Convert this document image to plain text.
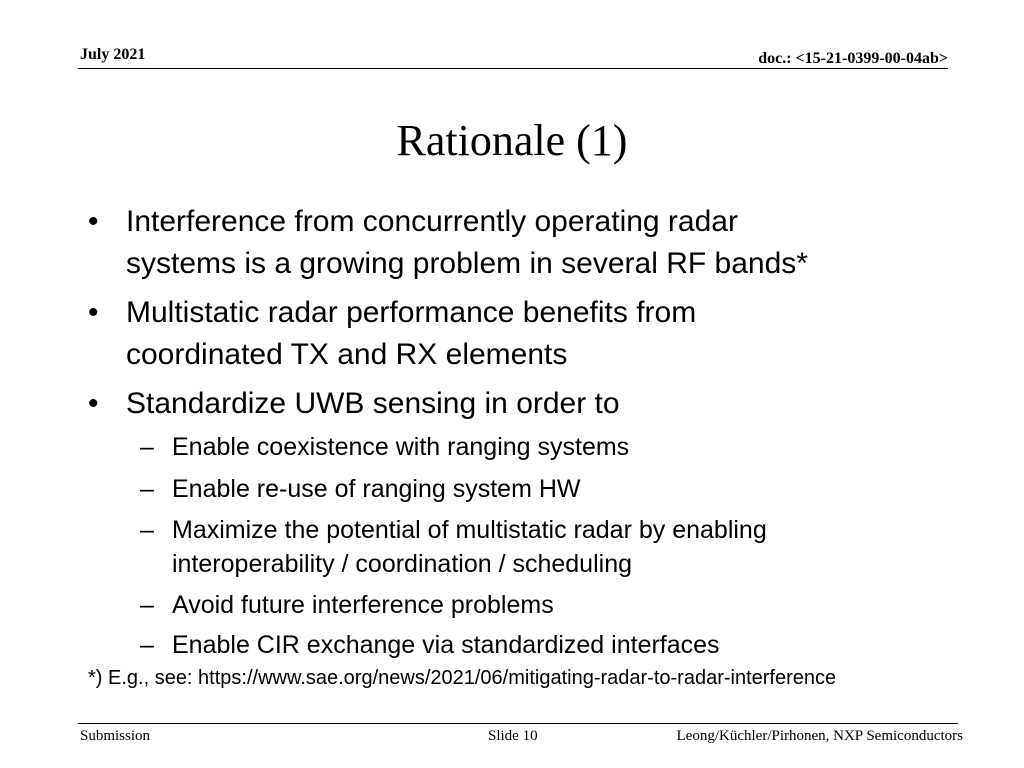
July 2021	doc.: <15-21-0399-00-04ab>
Rationale (1)
• Interference from concurrently operating radar
systems is a growing problem in several RF bands*
• Multistatic radar performance benefits from
coordinated TX and RX elements
• Standardize UWB sensing in order to
– Enable coexistence with ranging systems
– Enable re-use of ranging system HW
– Maximize the potential of multistatic radar by enabling
interoperability / coordination / scheduling
– Avoid future interference problems
– Enable CIR exchange via standardized interfaces
*) E.g., see: https://www.sae.org/news/2021/06/mitigating-radar-to-radar-interference
Submission	Slide 10	Leong/Küchler/Pirhonen, NXP Semiconductors
